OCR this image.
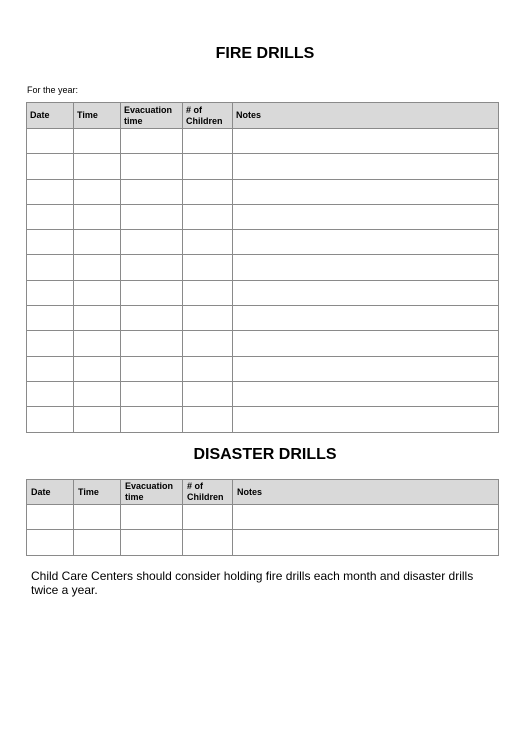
FIRE DRILLS
For the year:
Date	Time	Evacuation time	# of Children	Notes

DISASTER DRILLS
Date	Time	Evacuation time	# of Children	Notes

Child Care Centers should consider holding fire drills each month and disaster drills twice a year.
